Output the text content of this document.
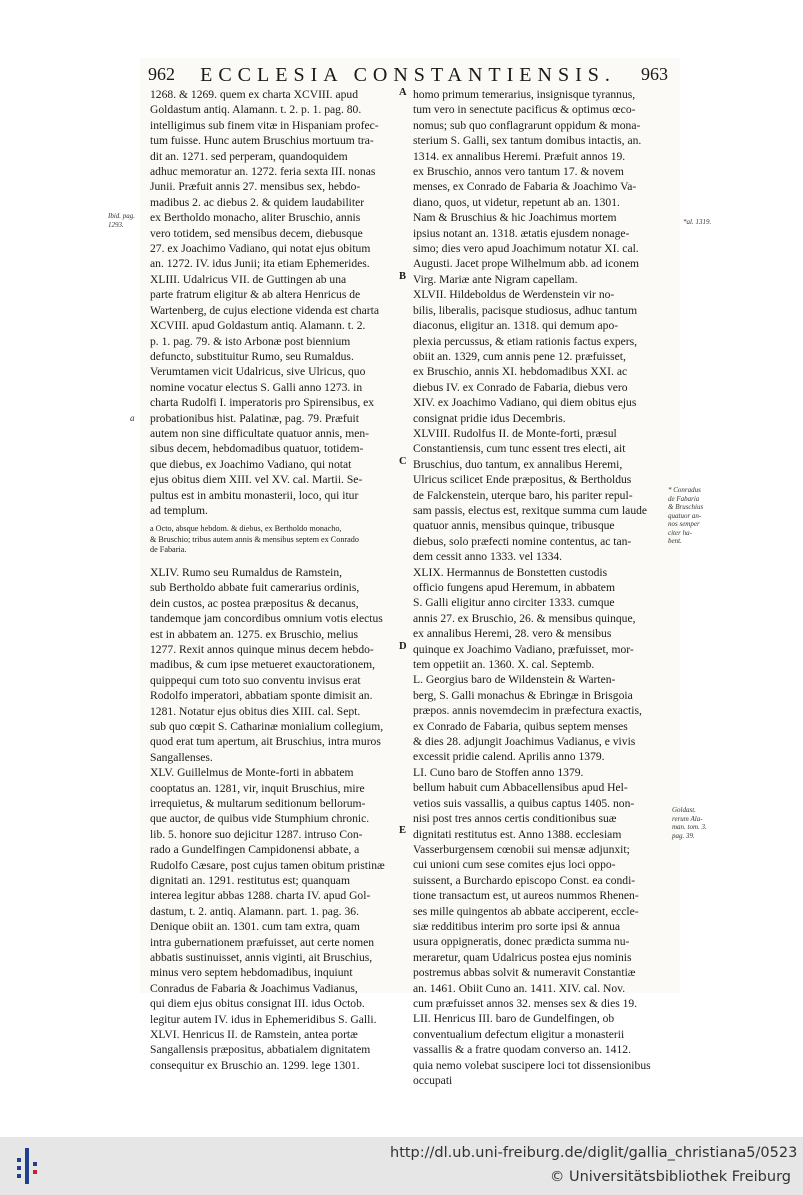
962	ECCLESIA CONSTANTIENSIS.	963
1268. & 1269. quem ex charta XCVIII. apud
Goldastum antiq. Alamann. t. 2. p. 1. pag. 80.
intelligimus sub finem vitæ in Hispaniam profec-
tum fuisse. Hunc autem Bruschius mortuum tra-
dit an. 1271. sed perperam, quandoquidem
adhuc memoratur an. 1272. feria sexta III. nonas
Junii. Præfuit annis 27. mensibus sex, hebdo-
madibus 2. ac diebus 2. & quidem laudabiliter
ex Bertholdo monacho, aliter Bruschio, annis
vero totidem, sed mensibus decem, diebusque
27. ex Joachimo Vadiano, qui notat ejus obitum
an. 1272. IV. idus Junii; ita etiam Ephemerides.
XLIII. Udalricus VII. de Guttingen ab una
parte fratrum eligitur & ab altera Henricus de
Wartenberg, de cujus electione videnda est charta
XCVIII. apud Goldastum antiq. Alamann. t. 2.
p. 1. pag. 79. & isto Arbonæ post biennium
defuncto, substituitur Rumo, seu Rumaldus.
Verumtamen vicit Udalricus, sive Ulricus, quo
nomine vocatur electus S. Galli anno 1273. in
charta Rudolfi I. imperatoris pro Spirensibus, ex
probationibus hist. Palatinæ, pag. 79. Præfuit
autem non sine difficultate quatuor annis, men-
sibus decem, hebdomadibus quatuor, totidem-
que diebus, ex Joachimo Vadiano, qui notat
ejus obitus diem XIII. vel XV. cal. Martii. Se-
pultus est in ambitu monasterii, loco, qui itur
ad templum.
a Octo, absque hebdom. & diebus, ex Bertholdo monacho,
& Bruschio; tribus autem annis & mensibus septem ex Conrado
de Fabaria.
XLIV. Rumo seu Rumaldus de Ramstein,
sub Bertholdo abbate fuit camerarius ordinis,
dein custos, ac postea præpositus & decanus,
tandemque jam concordibus omnium votis electus
est in abbatem an. 1275. ex Bruschio, melius
1277. Rexit annos quinque minus decem hebdo-
madibus, & cum ipse metueret exauctorationem,
quippequi cum toto suo conventu invisus erat
Rodolfo imperatori, abbatiam sponte dimisit an.
1281. Notatur ejus obitus dies XIII. cal. Sept.
sub quo cœpit S. Catharinæ monialium collegium,
quod erat tum apertum, ait Bruschius, intra muros
Sangallenses.
XLV. Guillelmus de Monte-forti in abbatem
cooptatus an. 1281, vir, inquit Bruschius, mire
irrequietus, & multarum seditionum bellorum-
que auctor, de quibus vide Stumphium chronic.
lib. 5. honore suo dejicitur 1287. intruso Con-
rado a Gundelfingen Campidonensi abbate, a
Rudolfo Cæsare, post cujus tamen obitum pristinæ
dignitati an. 1291. restitutus est; quanquam
interea legitur abbas 1288. charta IV. apud Gol-
dastum, t. 2. antiq. Alamann. part. 1. pag. 36.
Denique obiit an. 1301. cum tam extra, quam
intra gubernationem præfuisset, aut certe nomen
abbatis sustinuisset, annis viginti, ait Bruschius,
minus vero septem hebdomadibus, inquiunt
Conradus de Fabaria & Joachimus Vadianus,
qui diem ejus obitus consignat III. idus Octob.
legitur autem IV. idus in Ephemeridibus S. Galli.
XLVI. Henricus II. de Ramstein, antea portæ
Sangallensis præpositus, abbatialem dignitatem
consequitur ex Bruschio an. 1299. lege 1301.
homo primum temerarius, insignisque tyrannus,
tum vero in senectute pacificus & optimus œco-
nomus; sub quo conflagrarunt oppidum & mona-
sterium S. Galli, sex tantum domibus intactis, an.
1314. ex annalibus Heremi. Præfuit annos 19.
ex Bruschio, annos vero tantum 17. & novem
menses, ex Conrado de Fabaria & Joachimo Va-
diano, quos, ut videtur, repetunt ab an. 1301.
Nam & Bruschius & hic Joachimus mortem
ipsius notant an. 1318. ætatis ejusdem nonage-
simo; dies vero apud Joachimum notatur XI. cal.
Augusti. Jacet prope Wilhelmum abb. ad iconem
Virg. Mariæ ante Nigram capellam.
XLVII. Hildeboldus de Werdenstein vir no-
bilis, liberalis, pacisque studiosus, adhuc tantum
diaconus, eligitur an. 1318. qui demum apo-
plexia percussus, & etiam rationis factus expers,
obiit an. 1329, cum annis pene 12. præfuisset,
ex Bruschio, annis XI. hebdomadibus XXI. ac
diebus IV. ex Conrado de Fabaria, diebus vero
XIV. ex Joachimo Vadiano, qui diem obitus ejus
consignat pridie idus Decembris.
XLVIII. Rudolfus II. de Monte-forti, præsul
Constantiensis, cum tunc essent tres electi, ait
Bruschius, duo tantum, ex annalibus Heremi,
Ulricus scilicet Ende præpositus, & Bertholdus
de Falckenstein, uterque baro, his pariter repul-
sam passis, electus est, rexitque summa cum laude
quatuor annis, mensibus quinque, tribusque
diebus, solo præfecti nomine contentus, ac tan-
dem cessit anno 1333. vel 1334.
XLIX. Hermannus de Bonstetten custodis
officio fungens apud Heremum, in abbatem
S. Galli eligitur anno circiter 1333. cumque
annis 27. ex Bruschio, 26. & mensibus quinque,
ex annalibus Heremi, 28. vero & mensibus
quinque ex Joachimo Vadiano, præfuisset, mor-
tem oppetiit an. 1360. X. cal. Septemb.
L. Georgius baro de Wildenstein & Warten-
berg, S. Galli monachus & Ebringæ in Brisgoia
præpos. annis novemdecim in præfectura exactis,
ex Conrado de Fabaria, quibus septem menses
& dies 28. adjungit Joachimus Vadianus, e vivis
excessit pridie calend. Aprilis anno 1379.
LI. Cuno baro de Stoffen anno 1379.
bellum habuit cum Abbacellensibus apud Hel-
vetios suis vassallis, a quibus captus 1405. non-
nisi post tres annos certis conditionibus suæ
dignitati restitutus est. Anno 1388. ecclesiam
Vasserburgensem cœnobii sui mensæ adjunxit;
cui unioni cum sese comites ejus loci oppo-
suissent, a Burchardo episcopo Const. ea condi-
tione transactum est, ut aureos nummos Rhenen-
ses mille quingentos ab abbate acciperent, eccle-
siæ redditibus interim pro sorte ipsi & annua
usura oppigneratis, donec prædicta summa nu-
meraretur, quam Udalricus postea ejus nominis
postremus abbas solvit & numeravit Constantiæ
an. 1461. Obiit Cuno an. 1411. XIV. cal. Nov.
cum præfuisset annos 32. menses sex & dies 19.
LII. Henricus III. baro de Gundelfingen, ob
conventualium defectum eligitur a monasterii
vassallis & a fratre quodam converso an. 1412.
quia nemo volebat suscipere loci tot dissensionibus
occupati
A
B
C
D
E
Ibid. pag.
1293.
a
*al. 1319.
* Conradus
de Fabaria
& Bruschius
quatuor an-
nos semper
citer ha-
bent.
Goldast.
rerum Ala-
man. tom. 3.
pag. 39.
http://dl.ub.uni-freiburg.de/diglit/gallia_christiana5/0523
© Universitätsbibliothek Freiburg
